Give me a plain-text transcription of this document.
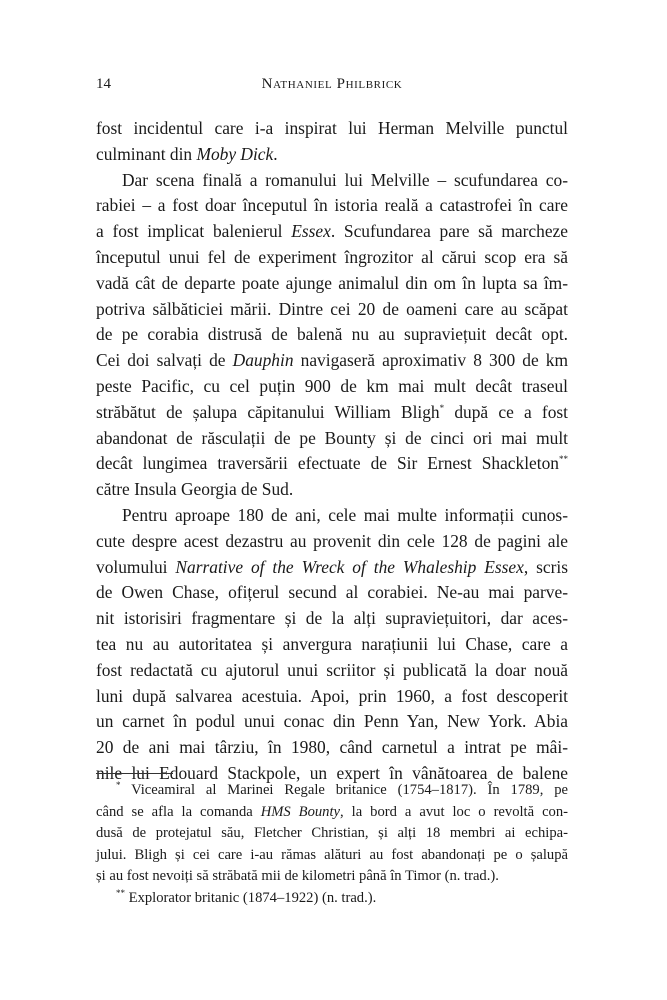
14	Nathaniel Philbrick
fost incidentul care i-a inspirat lui Herman Melville punctul
culminant din Moby Dick.
Dar scena finală a romanului lui Melville – scufundarea co-
rabiei – a fost doar începutul în istoria reală a catastrofei în care
a fost implicat balenierul Essex. Scufundarea pare să marcheze
începutul unui fel de experiment îngrozitor al cărui scop era să
vadă cât de departe poate ajunge animalul din om în lupta sa îm-
potriva sălbăticiei mării. Dintre cei 20 de oameni care au scăpat
de pe corabia distrusă de balenă nu au supraviețuit decât opt.
Cei doi salvați de Dauphin navigaseră aproximativ 8 300 de km
peste Pacific, cu cel puțin 900 de km mai mult decât traseul
străbătut de șalupa căpitanului William Bligh* după ce a fost
abandonat de răsculații de pe Bounty și de cinci ori mai mult
decât lungimea traversării efectuate de Sir Ernest Shackleton**
către Insula Georgia de Sud.
Pentru aproape 180 de ani, cele mai multe informații cunos-
cute despre acest dezastru au provenit din cele 128 de pagini ale
volumului Narrative of the Wreck of the Whaleship Essex, scris
de Owen Chase, ofițerul secund al corabiei. Ne-au mai parve-
nit istorisiri fragmentare și de la alți supraviețuitori, dar aces-
tea nu au autoritatea și anvergura narațiunii lui Chase, care a
fost redactată cu ajutorul unui scriitor și publicată la doar nouă
luni după salvarea acestuia. Apoi, prin 1960, a fost descoperit
un carnet în podul unui conac din Penn Yan, New York. Abia
20 de ani mai târziu, în 1980, când carnetul a intrat pe mâi-
nile lui Edouard Stackpole, un expert în vânătoarea de balene
* Viceamiral al Marinei Regale britanice (1754–1817). În 1789, pe
când se afla la comanda HMS Bounty, la bord a avut loc o revoltă con-
dusă de protejatul său, Fletcher Christian, și alți 18 membri ai echipa-
jului. Bligh și cei care i-au rămas alături au fost abandonați pe o șalupă
și au fost nevoiți să străbată mii de kilometri până în Timor (n. trad.).
** Explorator britanic (1874–1922) (n. trad.).
